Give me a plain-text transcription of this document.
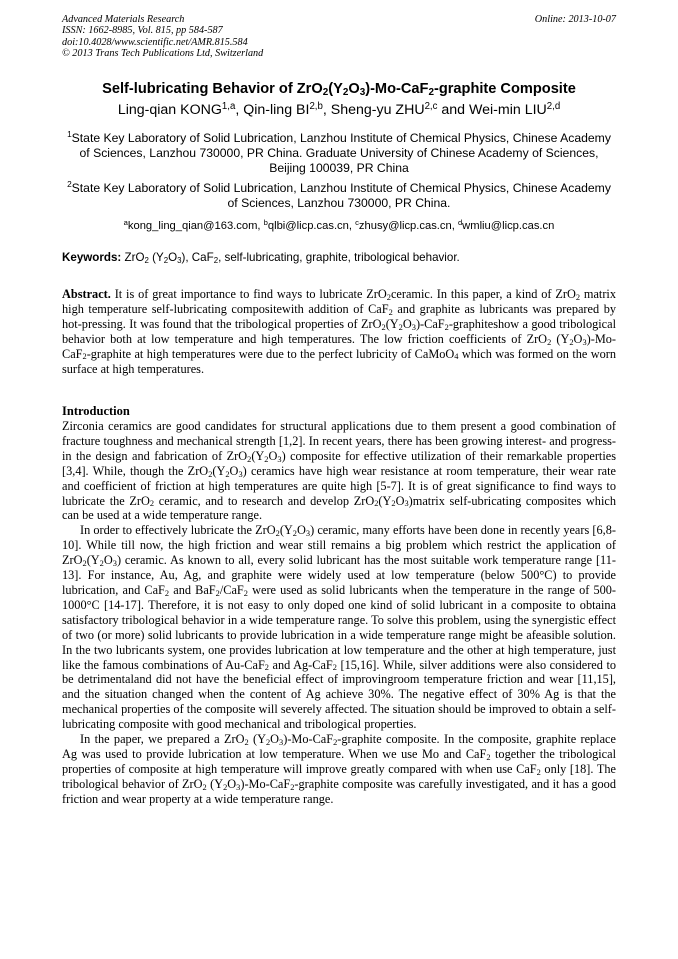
Advanced Materials Research
ISSN: 1662-8985, Vol. 815, pp 584-587
doi:10.4028/www.scientific.net/AMR.815.584
© 2013 Trans Tech Publications Ltd, Switzerland
Online: 2013-10-07
Self-lubricating Behavior of $ZrO_2(Y_2O_3)-Mo-CaF_2$-graphite Composite
Ling-qian KONG$^{1,a}$, Qin-ling BI$^{2,b}$, Sheng-yu ZHU$^{2,c}$ and Wei-min LIU$^{2,d}$
$^1$State Key Laboratory of Solid Lubrication, Lanzhou Institute of Chemical Physics, Chinese Academy of Sciences, Lanzhou 730000, PR China. Graduate University of Chinese Academy of Sciences, Beijing 100039, PR China
$^2$State Key Laboratory of Solid Lubrication, Lanzhou Institute of Chemical Physics, Chinese Academy of Sciences, Lanzhou 730000, PR China.
$^a$kong_ling_qian@163.com, $^b$qlbi@licp.cas.cn, $^c$zhusy@licp.cas.cn, $^d$wmliu@licp.cas.cn
Keywords: ZrO$_2$ $(Y_2O_3)$, CaF$_2$, self-lubricating, graphite, tribological behavior.
Abstract. It is of great importance to find ways to lubricate ZrO$_2$ceramic. In this paper, a kind of ZrO$_2$ matrix high temperature self-lubricating compositewith addition of CaF$_2$ and graphite as lubricants was prepared by hot-pressing. It was found that the tribological properties of $ZrO_2(Y_2O_3)-CaF_2$-graphiteshow a good tribological behavior both at low temperature and high temperatures. The low friction coefficients of ZrO$_2$ $(Y_2O_3)-Mo-CaF_2$-graphite at high temperatures were due to the perfect lubricity of CaMoO$_4$ which was formed on the worn surface at high temperatures.
Introduction

Zirconia ceramics are good candidates for structural applications due to them present a good combination of fracture toughness and mechanical strength [1,2]. In recent years, there has been growing interest- and progress- in the design and fabrication of $ZrO_2(Y_2O_3)$ composite for effective utilization of their remarkable properties [3,4]. While, though the $ZrO_2(Y_2O_3)$ ceramics have high wear resistance at room temperature, their wear rate and coefficient of friction at high temperatures are quite high [5-7]. It is of great significance to find ways to lubricate the ZrO$_2$ ceramic, and to research and develop $ZrO_2(Y_2O_3)matrix$ self-ubricating composites which can be used at a wide temperature range.

In order to effectively lubricate the $ZrO_2(Y_2O_3)$ ceramic, many efforts have been done in recently years [6,8-10]. While till now, the high friction and wear still remains a big problem which restrict the application of $ZrO_2(Y_2O_3)$ ceramic. As known to all, every solid lubricant has the most suitable work temperature range [11-13]. For instance, Au, Ag, and graphite were widely used at low temperature (below 500°C) to provide lubrication, and CaF$_2$ and BaF$_2$/CaF$_2$ were used as solid lubricants when the temperature in the range of 500-1000°C [14-17]. Therefore, it is not easy to only doped one kind of solid lubricant in a composite to obtaina satisfactory tribological behavior in a wide temperature range. To solve this problem, using the synergistic effect of two (or more) solid lubricants to provide lubrication in a wide temperature range might be afeasible solution. In the two lubricants system, one provides lubrication at low temperature and the other at high temperature, just like the famous combinations of Au-CaF$_2$ and Ag-CaF$_2$ [15,16]. While, silver additions were also considered to be detrimentaland did not have the beneficial effect of improvingroom temperature friction and wear [11,15], and the situation changed when the content of Ag achieve 30%. The negative effect of 30% Ag is that the mechanical properties of the composite will severely affected. The situation should be improved to obtain a self-lubricating composite with good mechanical and tribological properties.

In the paper, we prepared a ZrO$_2$ $(Y_2O_3)-Mo-CaF_2$-graphite composite. In the composite, graphite replace Ag was used to provide lubrication at low temperature. When we use Mo and CaF$_2$ together the tribological properties of composite at high temperature will improve greatly compared with when use CaF$_2$ only [18]. The tribological behavior of ZrO$_2$ $(Y_2O_3)-Mo-CaF_2$-graphite composite was carefully investigated, and it has a good friction and wear property at a wide temperature range.
